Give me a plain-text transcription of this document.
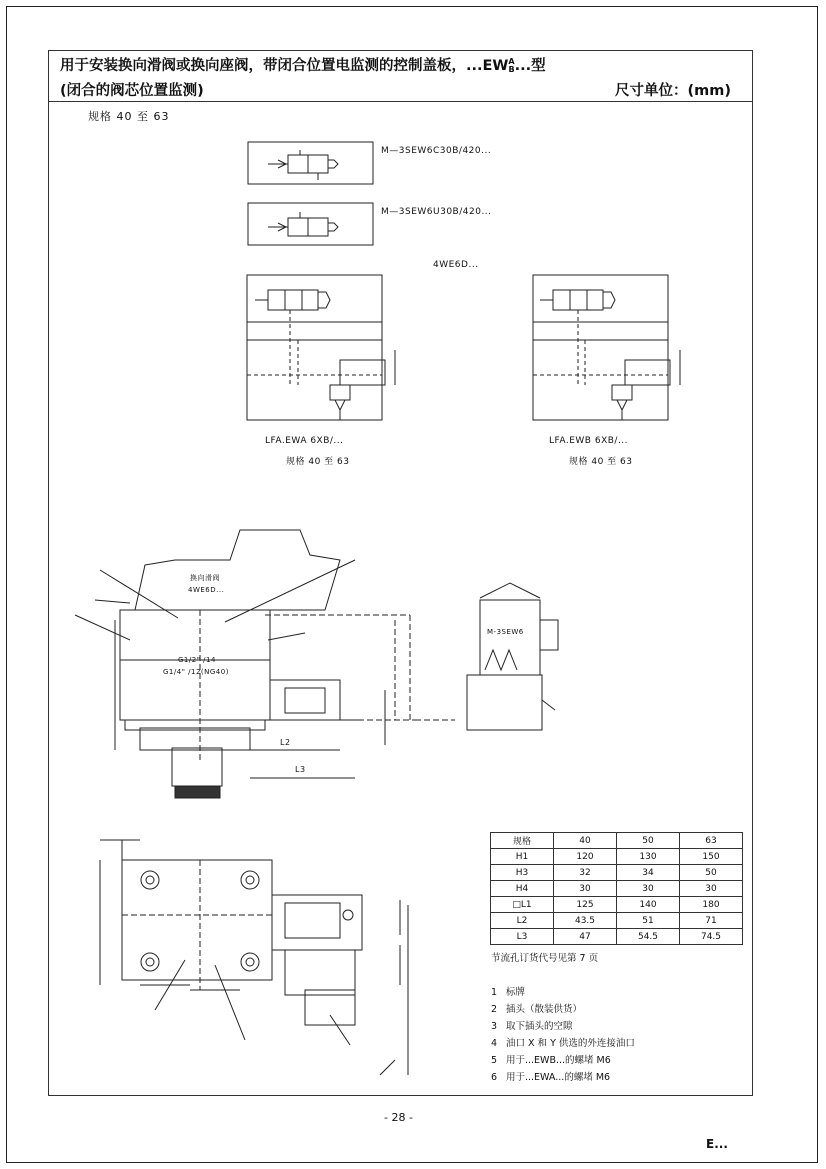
用于安装换向滑阀或换向座阀，带闭合位置电监测的控制盖板，...EW A
B ...型
(闭合的阀芯位置监测)	尺寸单位：(mm)
规格 40 至 63
M—3SEW6C30B/420...
M—3SEW6U30B/420...
4WE6D...
LFA.EWA 6XB/...
规格 40 至 63
LFA.EWB 6XB/...
规格 40 至 63
换向滑阀
4WE6D...
G1/2" /14
G1/4" /12(NG40)
M-3SEW6
L2
L3
规格	40	50	63
H1	120	130	150
H3	32	34	50
H4	30	30	30
□L1	125	140	180
L2	43.5	51	71
L3	47	54.5	74.5
节流孔订货代号见第 7 页
1 标牌
2 插头（散装供货）
3 取下插头的空隙
4 油口 X 和 Y 供选的外连接油口
5 用于...EWB...的螺堵 M6
6 用于...EWA...的螺堵 M6
- 28 -
E...
